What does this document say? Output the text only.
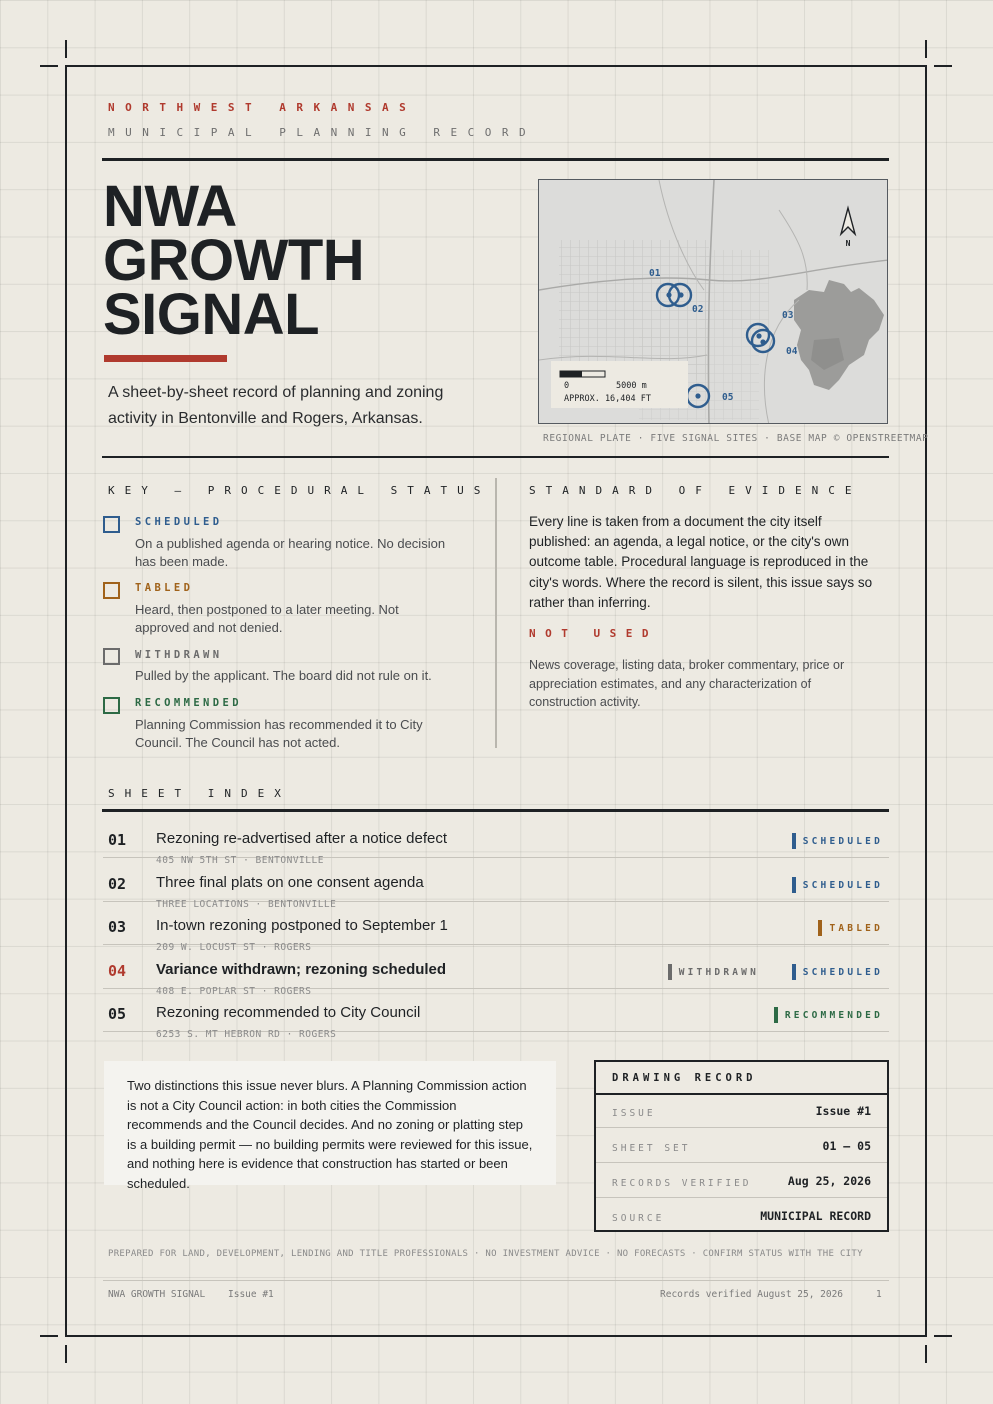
NORTHWEST ARKANSAS
MUNICIPAL PLANNING RECORD
NWA
GROWTH
SIGNAL
A sheet-by-sheet record of planning and zoning activity in Bentonville and Rogers, Arkansas.
N
01
02
03
04
05
0	5000 m
APPROX. 16,404 FT
REGIONAL PLATE · FIVE SIGNAL SITES · BASE MAP © OPENSTREETMAP
KEY — PROCEDURAL STATUS
SCHEDULED
On a published agenda or hearing notice. No decision has been made.
TABLED
Heard, then postponed to a later meeting. Not approved and not denied.
WITHDRAWN
Pulled by the applicant. The board did not rule on it.
RECOMMENDED
Planning Commission has recommended it to City Council. The Council has not acted.
STANDARD OF EVIDENCE
Every line is taken from a document the city itself published: an agenda, a legal notice, or the city's own outcome table. Procedural language is reproduced in the city's words. Where the record is silent, this issue says so rather than inferring.
NOT USED
News coverage, listing data, broker commentary, price or appreciation estimates, and any characterization of construction activity.
SHEET INDEX
01 Rezoning re-advertised after a notice defect	SCHEDULED
405 NW 5TH ST · BENTONVILLE
02 Three final plats on one consent agenda	SCHEDULED
THREE LOCATIONS · BENTONVILLE
03 In-town rezoning postponed to September 1	TABLED
209 W. LOCUST ST · ROGERS
04 Variance withdrawn; rezoning scheduled	WITHDRAWN	SCHEDULED
408 E. POPLAR ST · ROGERS
05 Rezoning recommended to City Council	RECOMMENDED
6253 S. MT HEBRON RD · ROGERS
Two distinctions this issue never blurs. A Planning Commission action is not a City Council action: in both cities the Commission recommends and the Council decides. And no zoning or platting step is a building permit — no building permits were reviewed for this issue, and nothing here is evidence that construction has started or been scheduled.
DRAWING RECORD
ISSUE	Issue #1
SHEET SET	01 – 05
RECORDS VERIFIED	Aug 25, 2026
SOURCE	MUNICIPAL RECORD
PREPARED FOR LAND, DEVELOPMENT, LENDING AND TITLE PROFESSIONALS · NO INVESTMENT ADVICE · NO FORECASTS · CONFIRM STATUS WITH THE CITY
NWA GROWTH SIGNAL Issue #1	Records verified August 25, 2026	1
